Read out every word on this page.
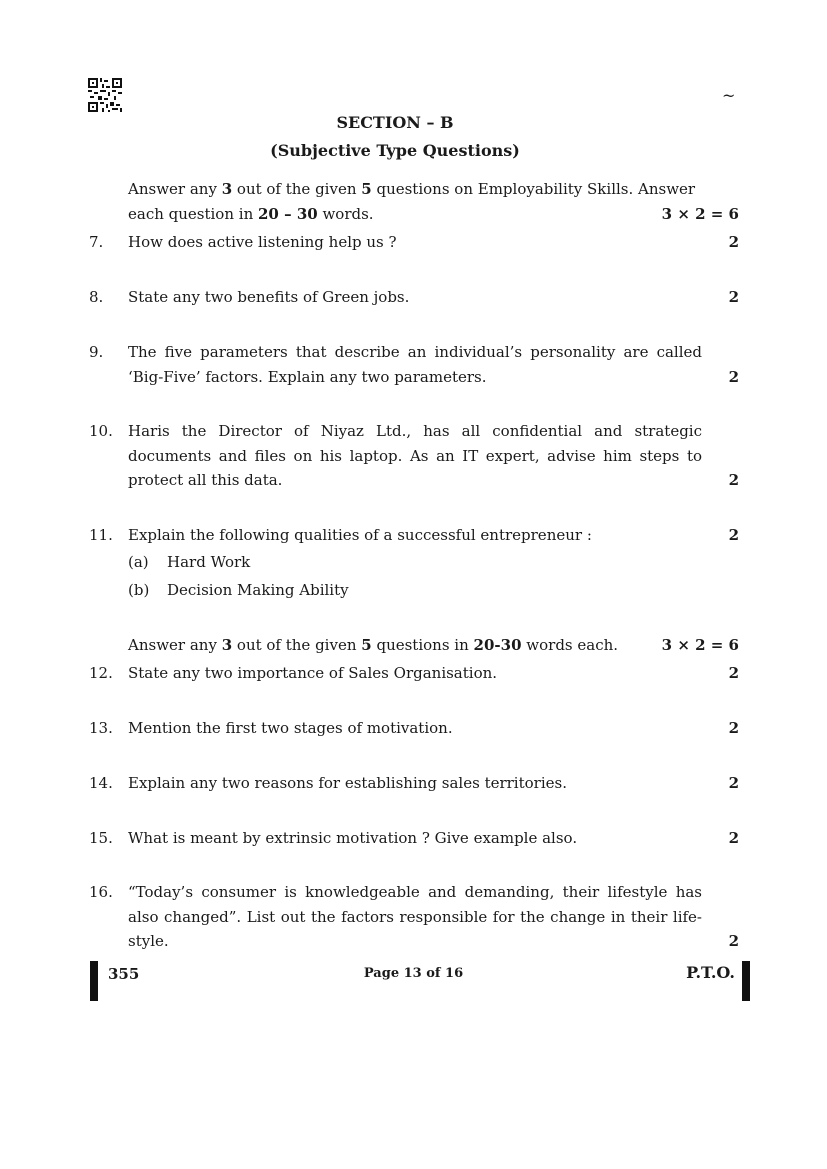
~
SECTION – B
(Subjective Type Questions)
Answer any 3 out of the given 5 questions on Employability Skills. Answer
each question in 20 – 30 words.	3 × 2 = 6
7. How does active listening help us ?	2
8. State any two benefits of Green jobs.	2
9. The five parameters that describe an individual’s personality are called
‘Big-Five’ factors. Explain any two parameters.	2
10. Haris the Director of Niyaz Ltd., has all confidential and strategic
documents and files on his laptop. As an IT expert, advise him steps to
protect all this data.	2
11. Explain the following qualities of a successful entrepreneur :	2
(a) Hard Work
(b) Decision Making Ability
Answer any 3 out of the given 5 questions in 20-30 words each.	3 × 2 = 6
12. State any two importance of Sales Organisation.	2
13. Mention the first two stages of motivation.	2
14. Explain any two reasons for establishing sales territories.	2
15. What is meant by extrinsic motivation ? Give example also.	2
16. “Today’s consumer is knowledgeable and demanding, their lifestyle has
also changed”. List out the factors responsible for the change in their life-
style.	2
355	Page 13 of 16	P.T.O.
